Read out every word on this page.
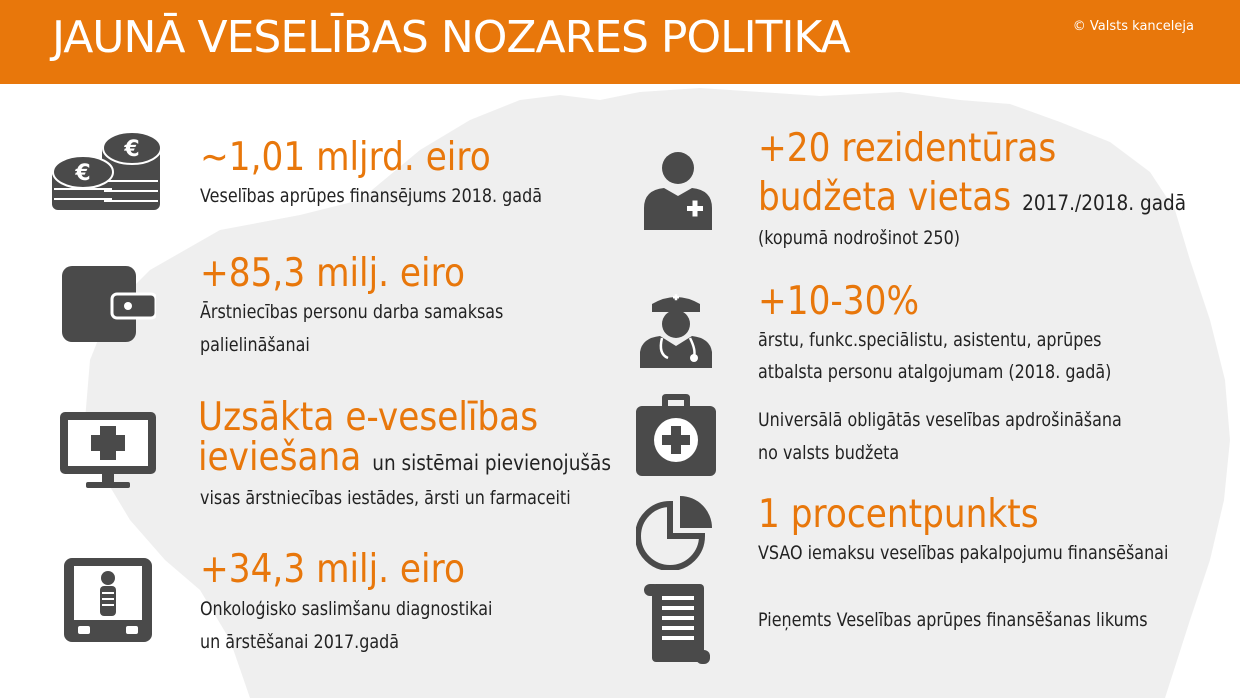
JAUNĀ VESELĪBAS NOZARES POLITIKA	© Valsts kanceleja
€
€ ~1,01 mljrd. eiro
Veselības aprūpes finansējums 2018. gadā
+85,3 milj. eiro
Ārstniecības personu darba samaksas
palielināšanai
Uzsākta e-veselības
ieviešana un sistēmai pievienojušās
visas ārstniecības iestādes, ārsti un farmaceiti
+34,3 milj. eiro
Onkoloģisko saslimšanu diagnostikai
un ārstēšanai 2017.gadā
+20 rezidentūras
budžeta vietas 2017./2018. gadā
(kopumā nodrošinot 250)
+10-30%
ārstu, funkc.speciālistu, asistentu, aprūpes
atbalsta personu atalgojumam (2018. gadā)
Universālā obligātās veselības apdrošināšana
no valsts budžeta
1 procentpunkts
VSAO iemaksu veselības pakalpojumu finansēšanai
Pieņemts Veselības aprūpes finansēšanas likums
